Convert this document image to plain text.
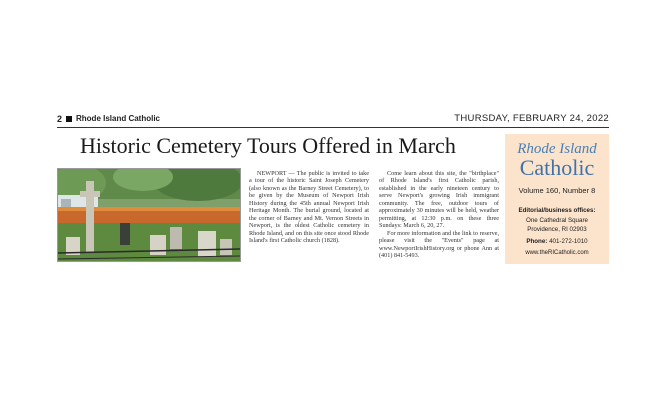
2 Rhode Island Catholic	THURSDAY, FEBRUARY 24, 2022
Historic Cemetery Tours Offered in March

NEWPORT — The public is invited to take a tour of the historic Saint Joseph Cemetery (also known as the Barney Street Cemetery), to be given by the Museum of Newport Irish History during the 45th annual Newport Irish Heritage Month. The burial ground, located at the corner of Barney and Mt. Vernon Streets in Newport, is the oldest Catholic cemetery in Rhode Island, and on this site once stood Rhode Island's first Catholic church (1828).

Come learn about this site, the "birthplace" of Rhode Island's first Catholic parish, established in the early nineteen century to serve Newport's growing Irish immigrant community. The free, outdoor tours of approximately 30 minutes will be held, weather permitting, at 12:30 p.m. on these three Sundays: March 6, 20, 27.

For more information and the link to reserve, please visit the "Events" page at www.NewportIrishHistory.org or phone Ann at (401) 841-5493.

Rhode Island
Catholic
Volume 160, Number 8
Editorial/business offices:
One Cathedral Square
Providence, RI 02903
Phone: 401-272-1010
www.theRICatholic.com
